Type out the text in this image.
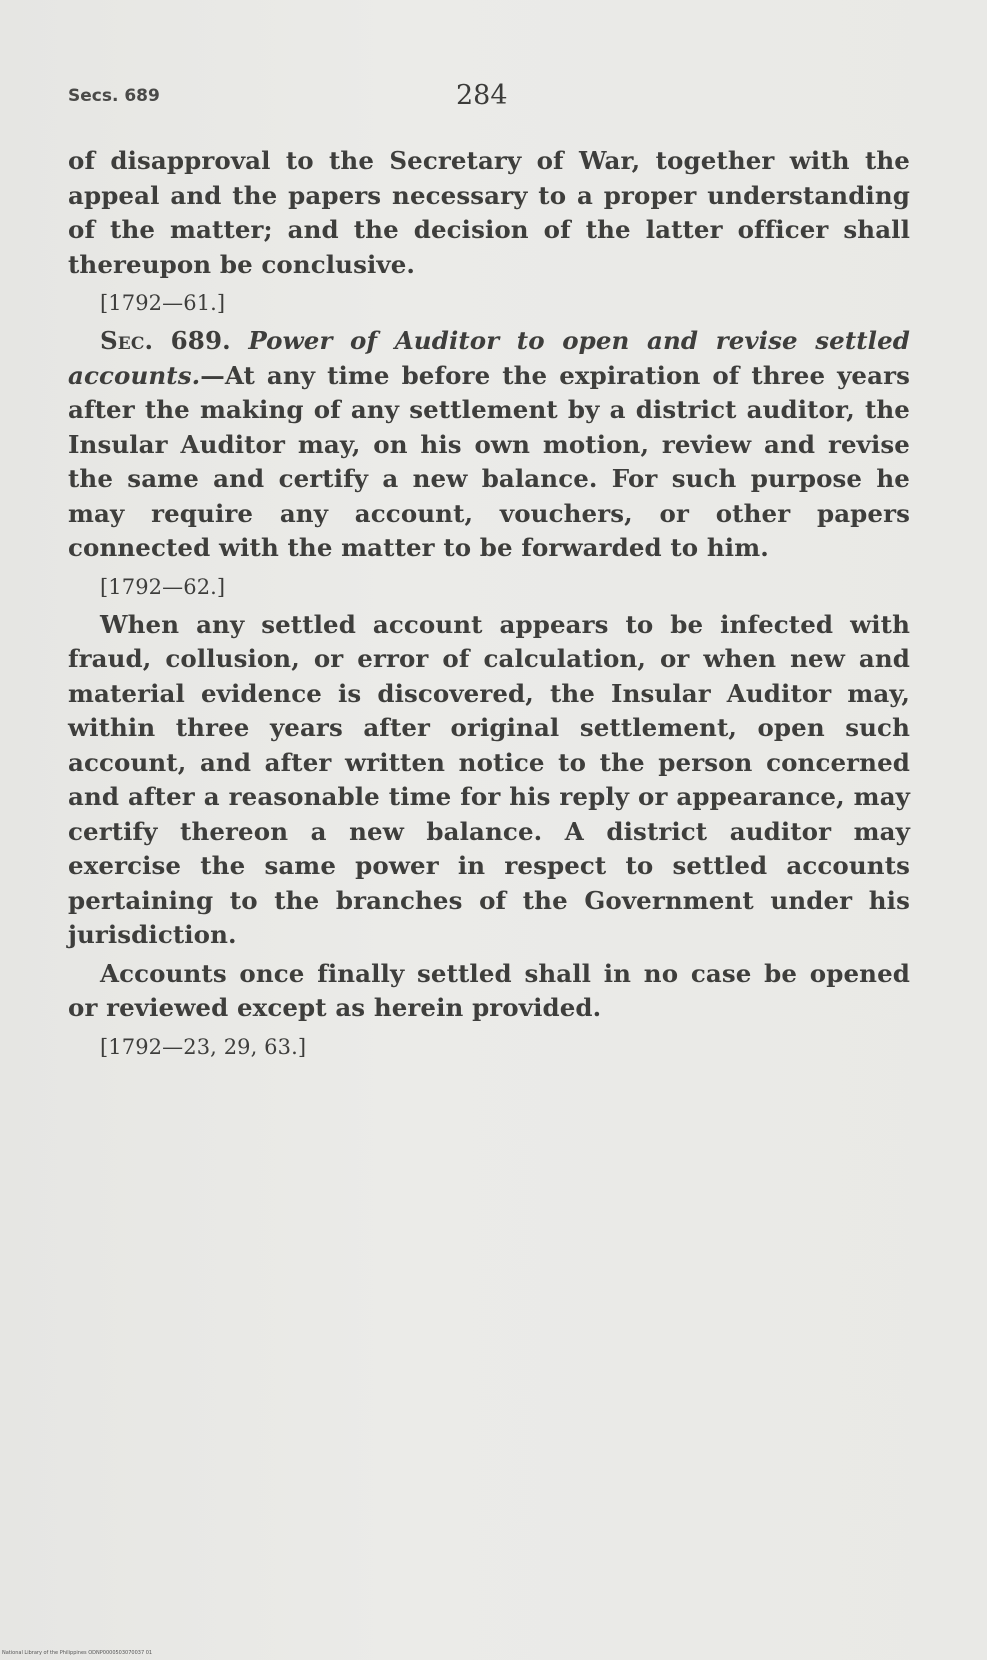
Secs. 689	284

of disapproval to the Secretary of War, together with the appeal and the papers necessary to a proper understanding of the matter; and the decision of the latter officer shall thereupon be conclusive.

[1792—61.]

Sec. 689. Power of Auditor to open and revise settled accounts.—At any time before the expiration of three years after the making of any settlement by a district auditor, the Insular Auditor may, on his own motion, review and revise the same and certify a new balance. For such purpose he may require any account, vouchers, or other papers connected with the matter to be forwarded to him.

[1792—62.]

When any settled account appears to be infected with fraud, collusion, or error of calculation, or when new and material evidence is discovered, the Insular Auditor may, within three years after original settlement, open such account, and after written notice to the person concerned and after a reasonable time for his reply or appearance, may certify thereon a new balance. A district auditor may exercise the same power in respect to settled accounts pertaining to the branches of the Government under his jurisdiction.

Accounts once finally settled shall in no case be opened or reviewed except as herein provided.

[1792—23, 29, 63.]

National Library of the Philippines ODNP0000503070037 01
